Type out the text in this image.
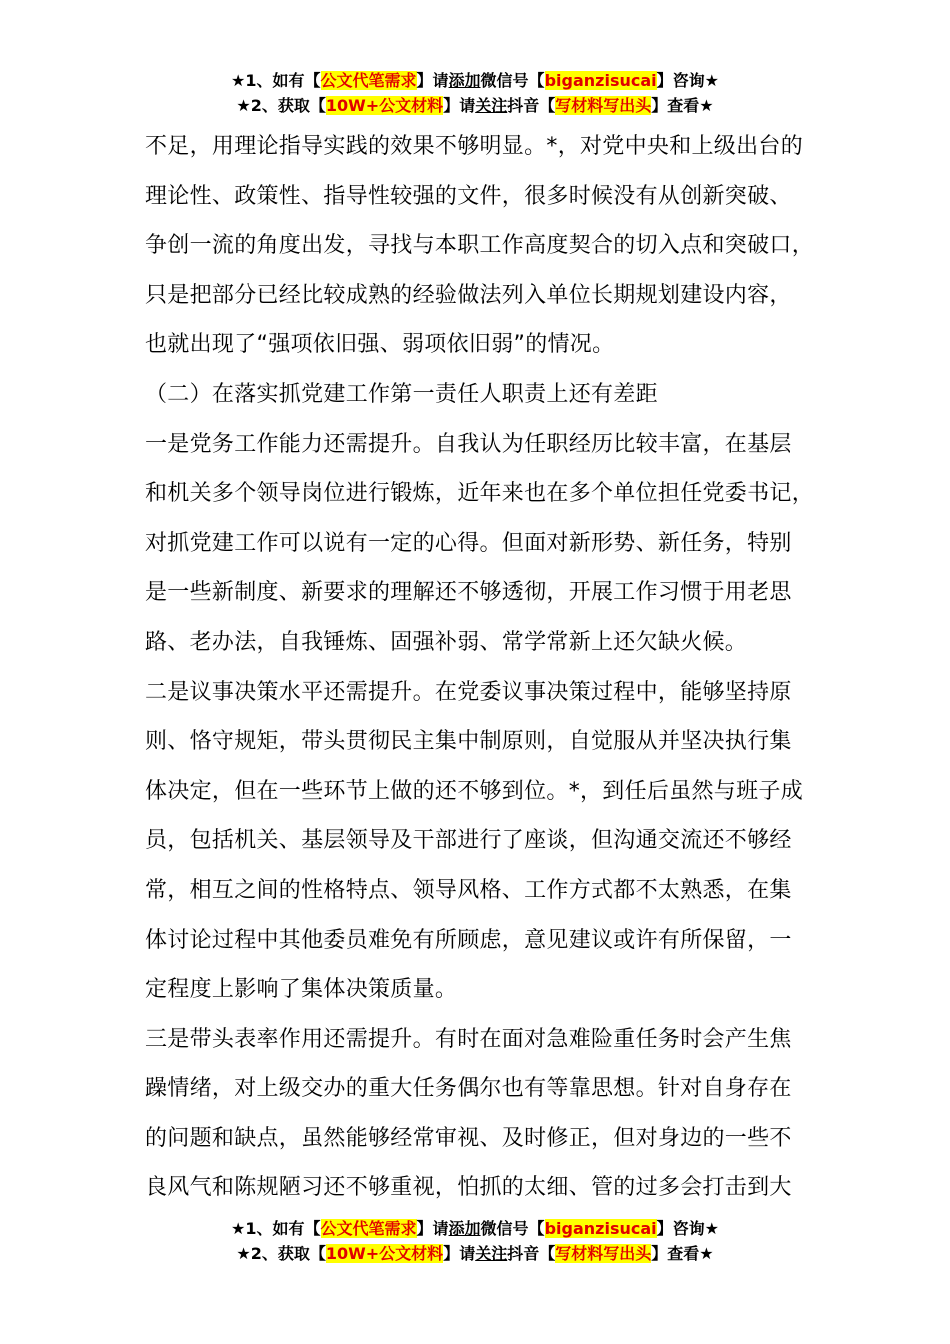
★1、如有【公文代笔需求】请添加微信号【biganzisucai】咨询★
★2、获取【10W+公文材料】请关注抖音【写材料写出头】查看★

不足，用理论指导实践的效果不够明显。*，对党中央和上级出台的
理论性、政策性、指导性较强的文件，很多时候没有从创新突破、
争创一流的角度出发，寻找与本职工作高度契合的切入点和突破口，
只是把部分已经比较成熟的经验做法列入单位长期规划建设内容，
也就出现了“强项依旧强、弱项依旧弱”的情况。

（二）在落实抓党建工作第一责任人职责上还有差距

一是党务工作能力还需提升。自我认为任职经历比较丰富，在基层
和机关多个领导岗位进行锻炼，近年来也在多个单位担任党委书记，
对抓党建工作可以说有一定的心得。但面对新形势、新任务，特别
是一些新制度、新要求的理解还不够透彻，开展工作习惯于用老思
路、老办法，自我锤炼、固强补弱、常学常新上还欠缺火候。

二是议事决策水平还需提升。在党委议事决策过程中，能够坚持原
则、恪守规矩，带头贯彻民主集中制原则，自觉服从并坚决执行集
体决定，但在一些环节上做的还不够到位。*，到任后虽然与班子成
员，包括机关、基层领导及干部进行了座谈，但沟通交流还不够经
常，相互之间的性格特点、领导风格、工作方式都不太熟悉，在集
体讨论过程中其他委员难免有所顾虑，意见建议或许有所保留，一
定程度上影响了集体决策质量。

三是带头表率作用还需提升。有时在面对急难险重任务时会产生焦
躁情绪，对上级交办的重大任务偶尔也有等靠思想。针对自身存在
的问题和缺点，虽然能够经常审视、及时修正，但对身边的一些不
良风气和陈规陋习还不够重视，怕抓的太细、管的过多会打击到大

★1、如有【公文代笔需求】请添加微信号【biganzisucai】咨询★
★2、获取【10W+公文材料】请关注抖音【写材料写出头】查看★
